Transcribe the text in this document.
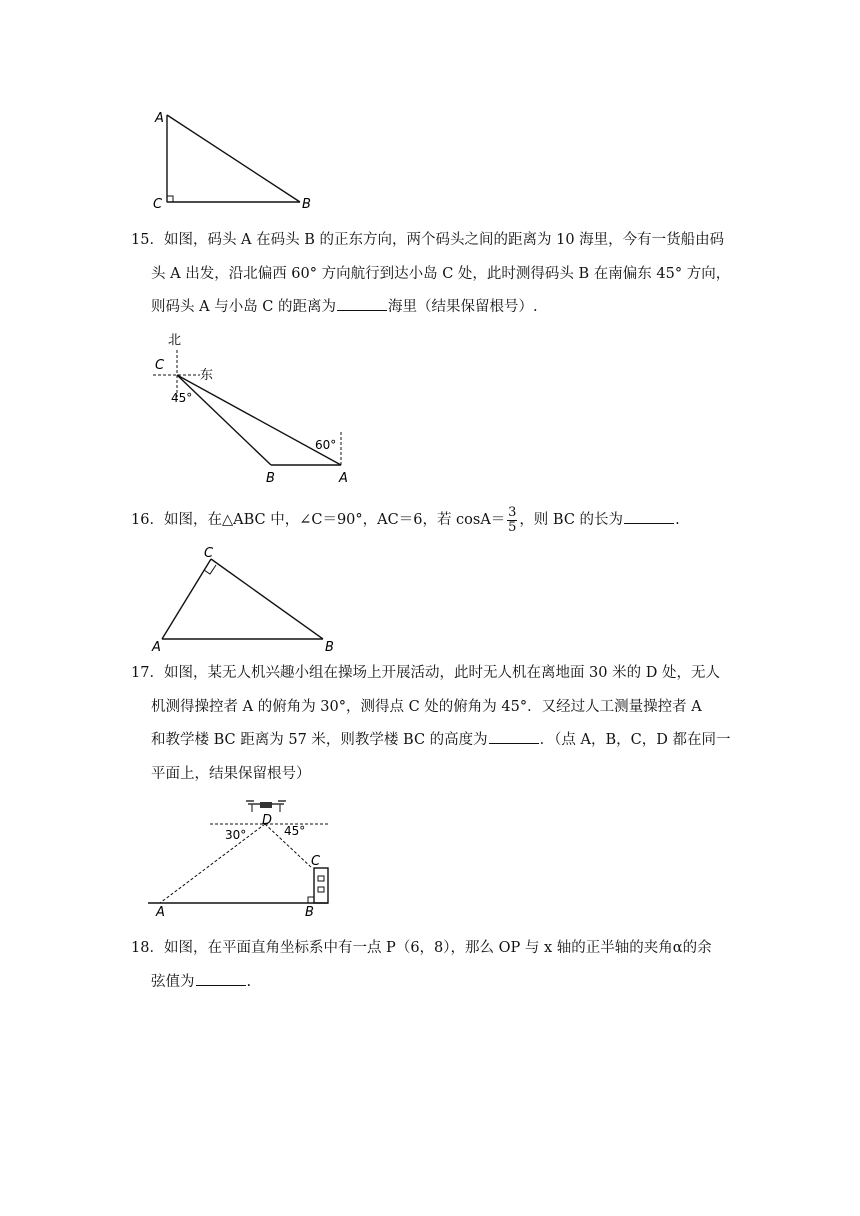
A
C	B
15．如图，码头 A 在码头 B 的正东方向，两个码头之间的距离为 10 海里，今有一货船由码
头 A 出发，沿北偏西 60° 方向航行到达小岛 C 处，此时测得码头 B 在南偏东 45° 方向，
则码头 A 与小岛 C 的距离为	海里（结果保留根号）.
北
C
东
45°
60°
B	A
16．如图，在△ABC 中，∠C＝90°，AC＝6，若 $\cos A= \frac{3}{5}$ ，则 BC 的长为	.
C
A	B
17．如图，某无人机兴趣小组在操场上开展活动，此时无人机在离地面 30 米的 D 处，无人
机测得操控者 A 的俯角为 30°，测得点 C 处的俯角为 45°．又经过人工测量操控者 A
和教学楼 BC 距离为 57 米，则教学楼 BC 的高度为	．（点 A，B，C，D 都在同一
平面上，结果保留根号）
D
30°	45°
C
A	B
18．如图，在平面直角坐标系中有一点 P（6，8），那么 OP 与 x 轴的正半轴的夹角α的余
弦值为	.
